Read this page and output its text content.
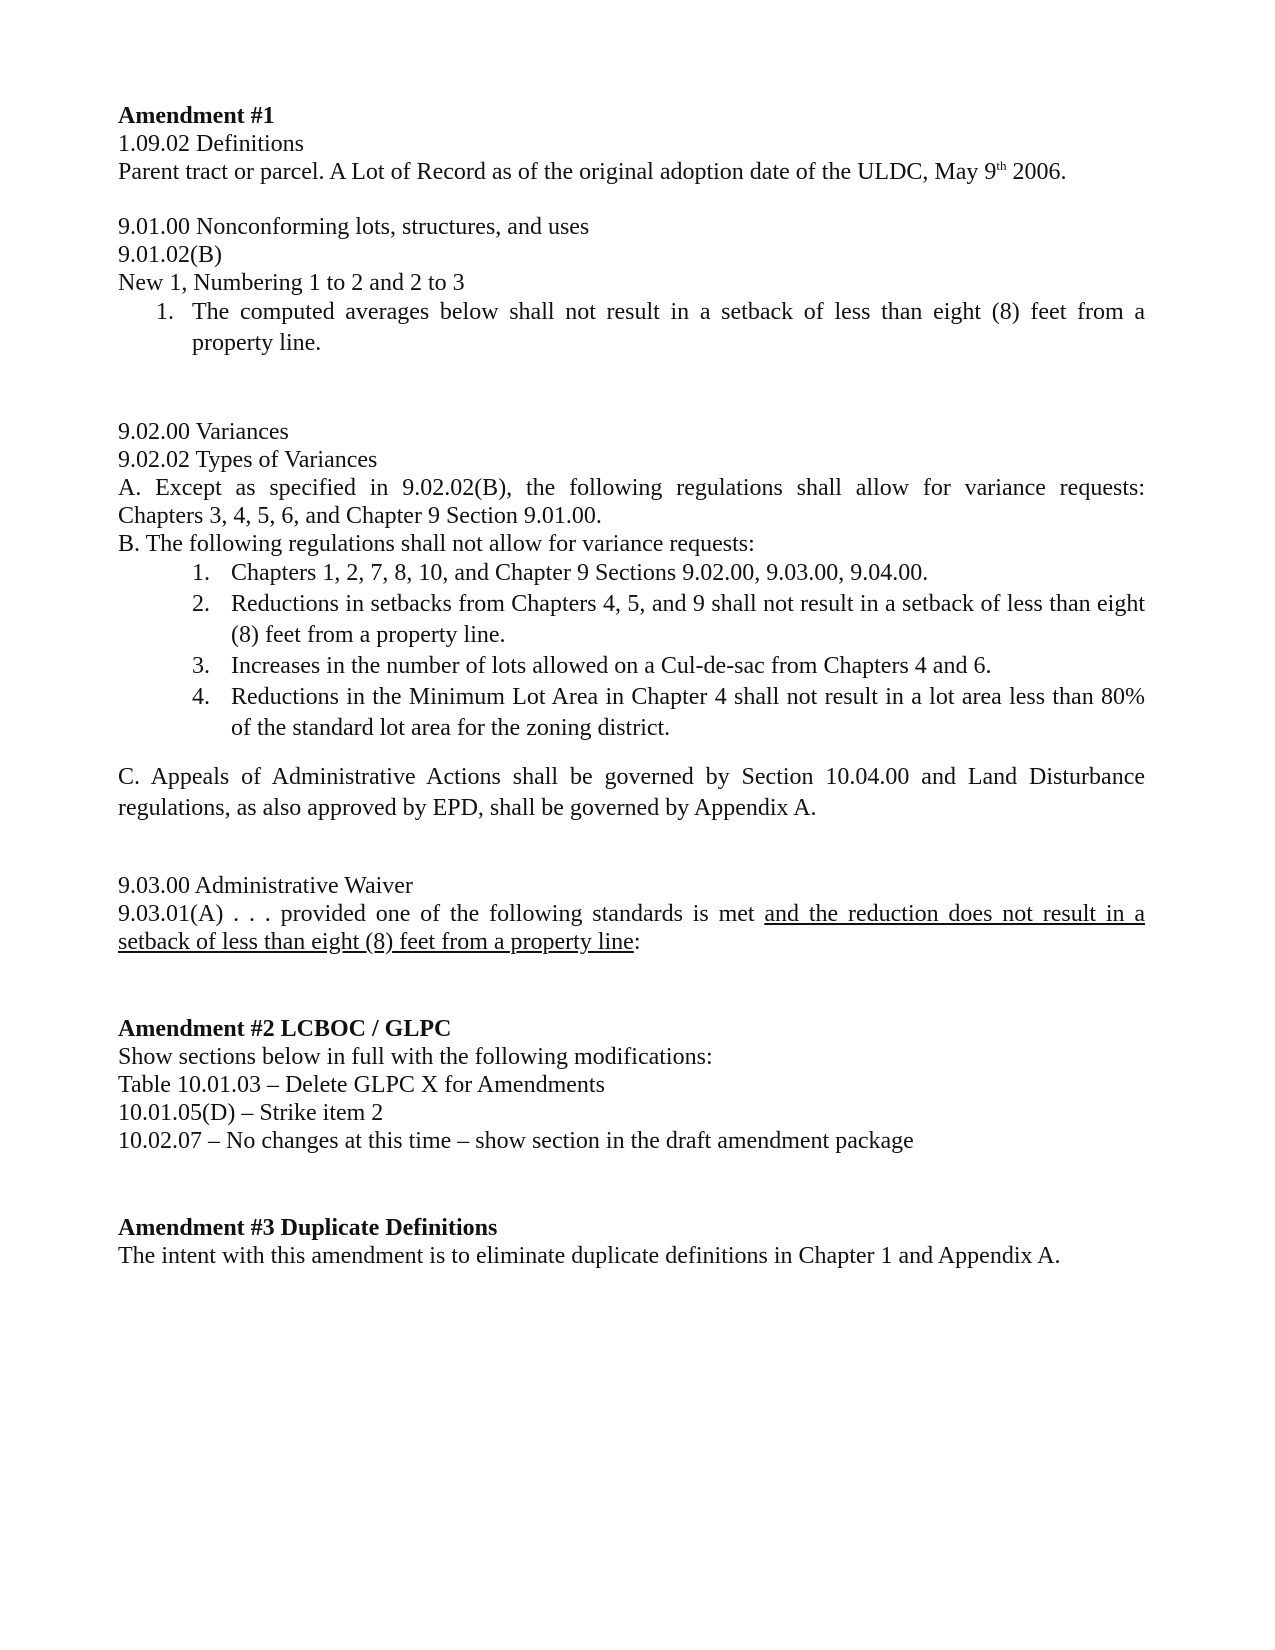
Amendment #1
1.09.02 Definitions
Parent tract or parcel. A Lot of Record as of the original adoption date of the ULDC, May 9th 2006.
9.01.00 Nonconforming lots, structures, and uses
9.01.02(B)
New 1, Numbering 1 to 2 and 2 to 3
1. The computed averages below shall not result in a setback of less than eight (8) feet from a property line.
9.02.00 Variances
9.02.02 Types of Variances
A. Except as specified in 9.02.02(B), the following regulations shall allow for variance requests:
Chapters 3, 4, 5, 6, and Chapter 9 Section 9.01.00.
B. The following regulations shall not allow for variance requests:
1. Chapters 1, 2, 7, 8, 10, and Chapter 9 Sections 9.02.00, 9.03.00, 9.04.00.
2. Reductions in setbacks from Chapters 4, 5, and 9 shall not result in a setback of less than eight (8) feet from a property line.
3. Increases in the number of lots allowed on a Cul-de-sac from Chapters 4 and 6.
4. Reductions in the Minimum Lot Area in Chapter 4 shall not result in a lot area less than 80% of the standard lot area for the zoning district.
C. Appeals of Administrative Actions shall be governed by Section 10.04.00 and Land Disturbance regulations, as also approved by EPD, shall be governed by Appendix A.
9.03.00 Administrative Waiver
9.03.01(A) . . . provided one of the following standards is met and the reduction does not result in a setback of less than eight (8) feet from a property line:
Amendment #2 LCBOC / GLPC
Show sections below in full with the following modifications:
Table 10.01.03 – Delete GLPC X for Amendments
10.01.05(D) – Strike item 2
10.02.07 – No changes at this time – show section in the draft amendment package
Amendment #3 Duplicate Definitions
The intent with this amendment is to eliminate duplicate definitions in Chapter 1 and Appendix A.
